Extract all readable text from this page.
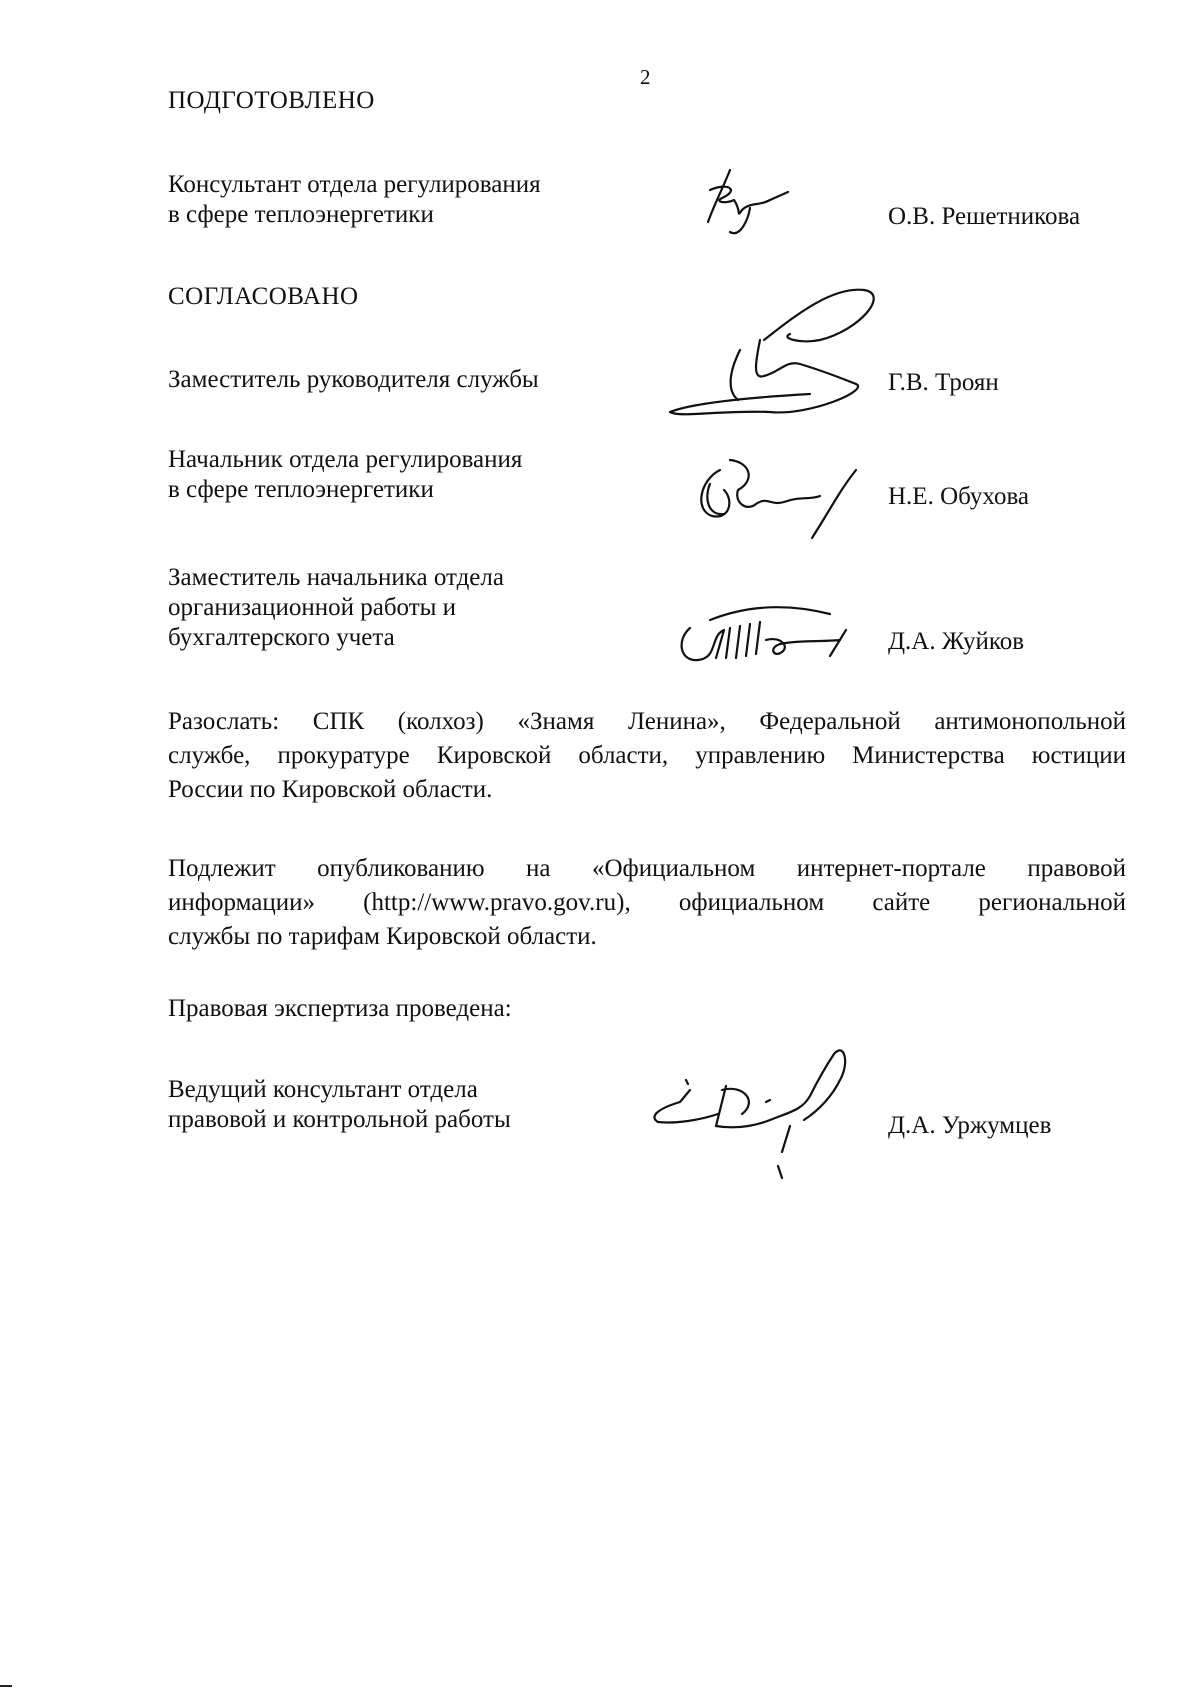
2
ПОДГОТОВЛЕНО
Консультант отдела регулирования
в сфере теплоэнергетики	О.В. Решетникова
СОГЛАСОВАНО
Заместитель руководителя службы	Г.В. Троян
Начальник отдела регулирования
в сфере теплоэнергетики	Н.Е. Обухова
Заместитель начальника отдела
организационной работы и
бухгалтерского учета	Д.А. Жуйков
Разослать: СПК (колхоз) «Знамя Ленина», Федеральной антимонопольной
службе, прокуратуре Кировской области, управлению Министерства юстиции
России по Кировской области.
Подлежит опубликованию на «Официальном интернет-портале правовой
информации» (http://www.pravo.gov.ru), официальном сайте региональной
службы по тарифам Кировской области.
Правовая экспертиза проведена:
Ведущий консультант отдела
правовой и контрольной работы	Д.А. Уржумцев
